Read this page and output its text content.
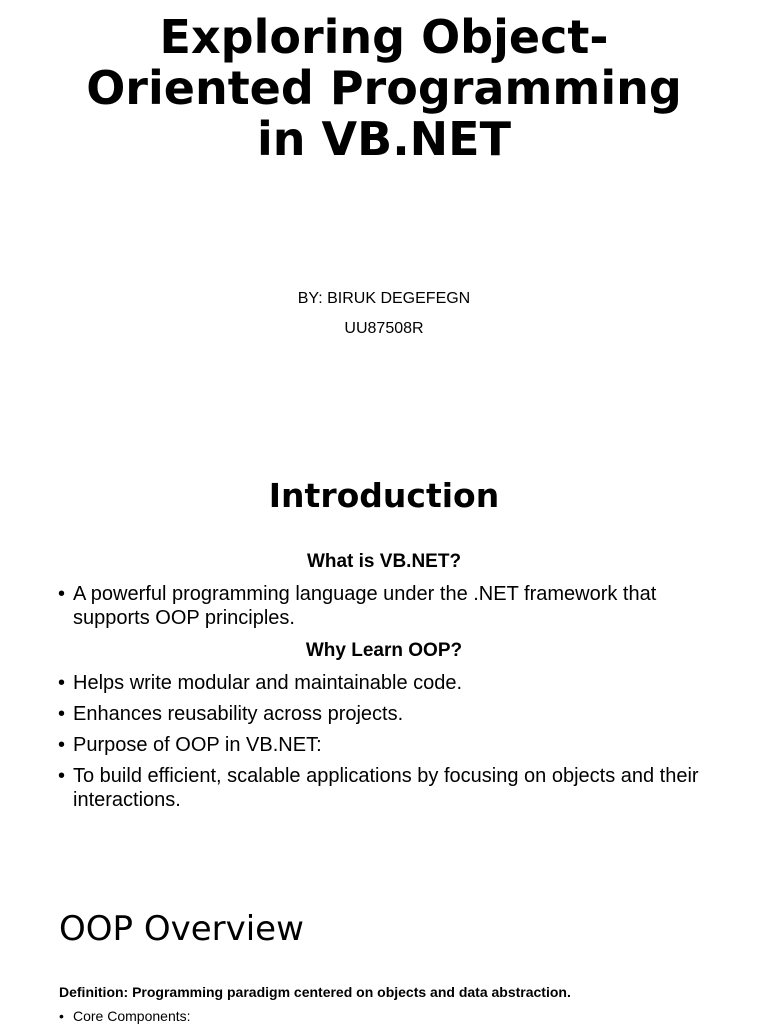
Exploring Object-Oriented Programming in VB.NET
BY: BIRUK DEGEFEGN
UU87508R
Introduction
What is VB.NET?
• A powerful programming language under the .NET framework that supports OOP principles.
Why Learn OOP?
• Helps write modular and maintainable code.
• Enhances reusability across projects.
• Purpose of OOP in VB.NET:
• To build efficient, scalable applications by focusing on objects and their interactions.
OOP Overview
Definition: Programming paradigm centered on objects and data abstraction.
• Core Components:
